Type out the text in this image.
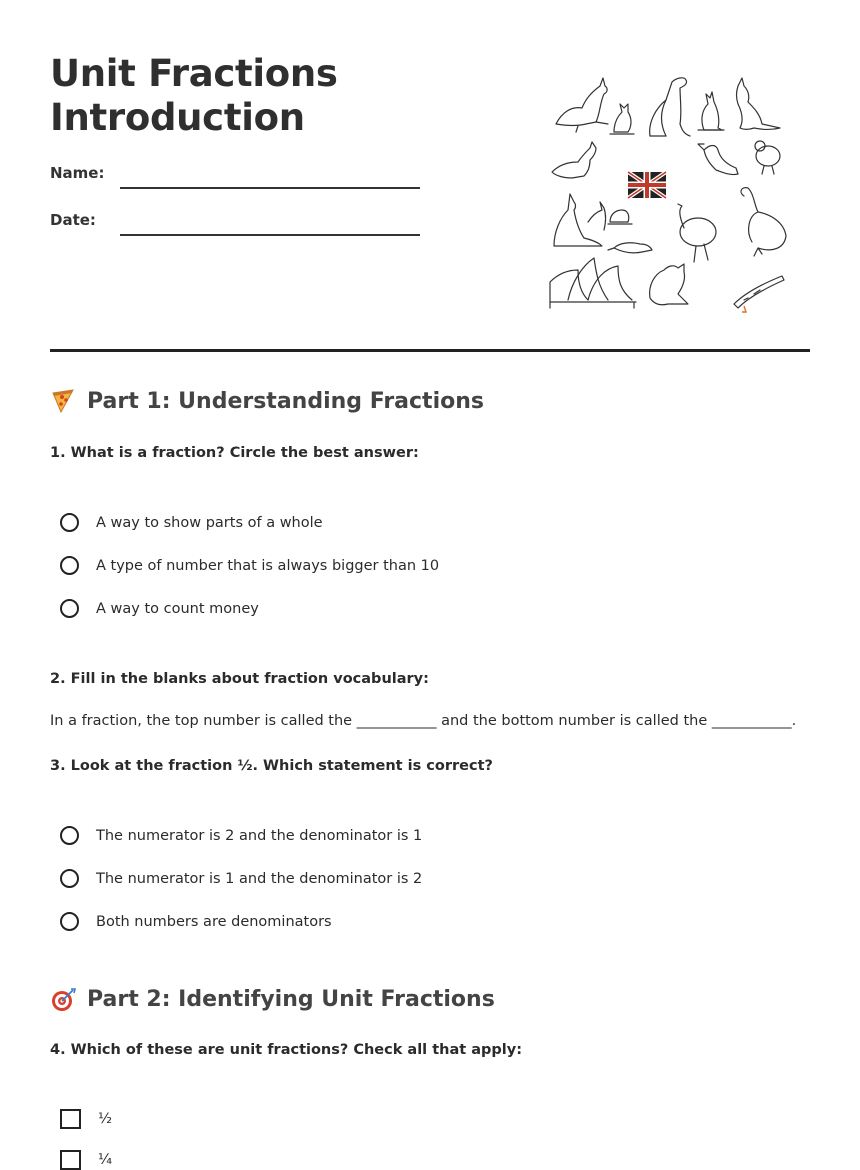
Unit Fractions
Introduction
Name:
Date:
Part 1: Understanding Fractions

1. What is a fraction? Circle the best answer:

A way to show parts of a whole
A type of number that is always bigger than 10
A way to count money

2. Fill in the blanks about fraction vocabulary:

In a fraction, the top number is called the ___________ and the bottom number is called the ___________.

3. Look at the fraction ½. Which statement is correct?

The numerator is 2 and the denominator is 1
The numerator is 1 and the denominator is 2
Both numbers are denominators
Part 2: Identifying Unit Fractions

4. Which of these are unit fractions? Check all that apply:

½
¼
